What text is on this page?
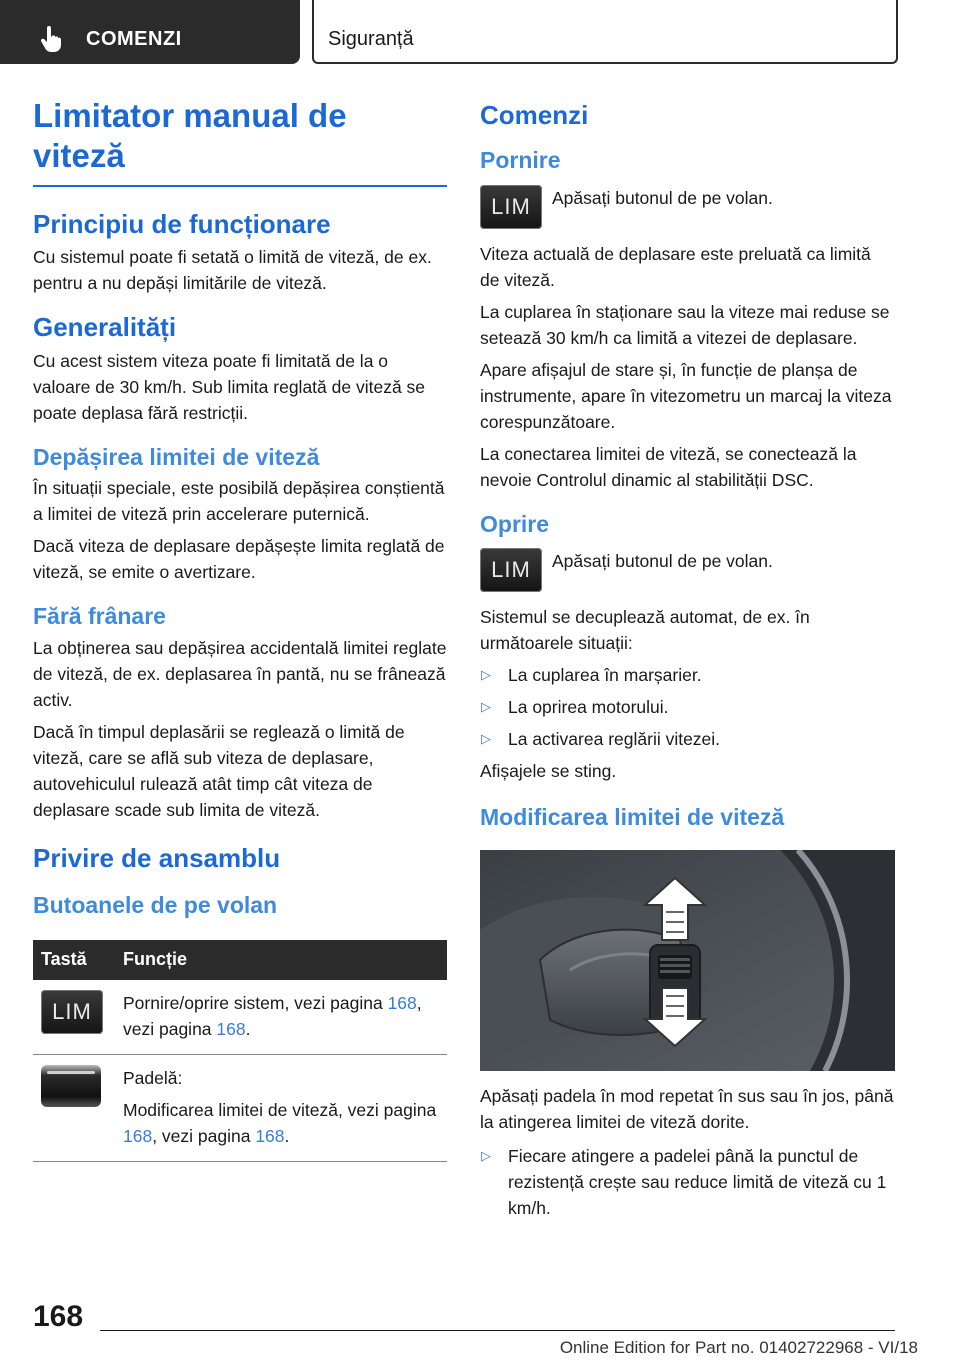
COMENZI	Siguranță
Limitator manual de viteză
Principiu de funcționare

Cu sistemul poate fi setată o limită de viteză, de ex. pentru a nu depăși limitările de viteză.

Generalități

Cu acest sistem viteza poate fi limitată de la o valoare de 30 km/h. Sub limita reglată de viteză se poate deplasa fără restricții.

Depășirea limitei de viteză

În situații speciale, este posibilă depășirea conștientă a limitei de viteză prin accelerare puternică.

Dacă viteza de deplasare depășește limita reglată de viteză, se emite o avertizare.

Fără frânare

La obținerea sau depășirea accidentală limitei reglate de viteză, de ex. deplasarea în pantă, nu se frânează activ.

Dacă în timpul deplasării se reglează o limită de viteză, care se află sub viteza de deplasare, autovehiculul rulează atât timp cât viteza de deplasare scade sub limita de viteză.

Privire de ansamblu
Butoanele de pe volan
Tastă	Funcție

LIM	Pornire/oprire sistem, vezi pagina 168, vezi pagina 168.

	Padelă:

Modificarea limitei de viteză, vezi pagina 168, vezi pagina 168.

Comenzi
Pornire
LIM	Apăsați butonul de pe volan.

Viteza actuală de deplasare este preluată ca limită de viteză.

La cuplarea în staționare sau la viteze mai reduse se setează 30 km/h ca limită a vitezei de deplasare.

Apare afișajul de stare și, în funcție de planșa de instrumente, apare în vitezometru un marcaj la viteza corespunzătoare.

La conectarea limitei de viteză, se conectează la nevoie Controlul dinamic al stabilității DSC.

Oprire
LIM	Apăsați butonul de pe volan.

Sistemul se decuplează automat, de ex. în următoarele situații:

▷ La cuplarea în marșarier.
▷ La oprirea motorului.
▷ La activarea reglării vitezei.

Afișajele se sting.

Modificarea limitei de viteză

Apăsați padela în mod repetat în sus sau în jos, până la atingerea limitei de viteză dorite.

▷ Fiecare atingere a padelei până la punctul de rezistență crește sau reduce limită de viteză cu 1 km/h.
168
Online Edition for Part no. 01402722968 - VI/18
